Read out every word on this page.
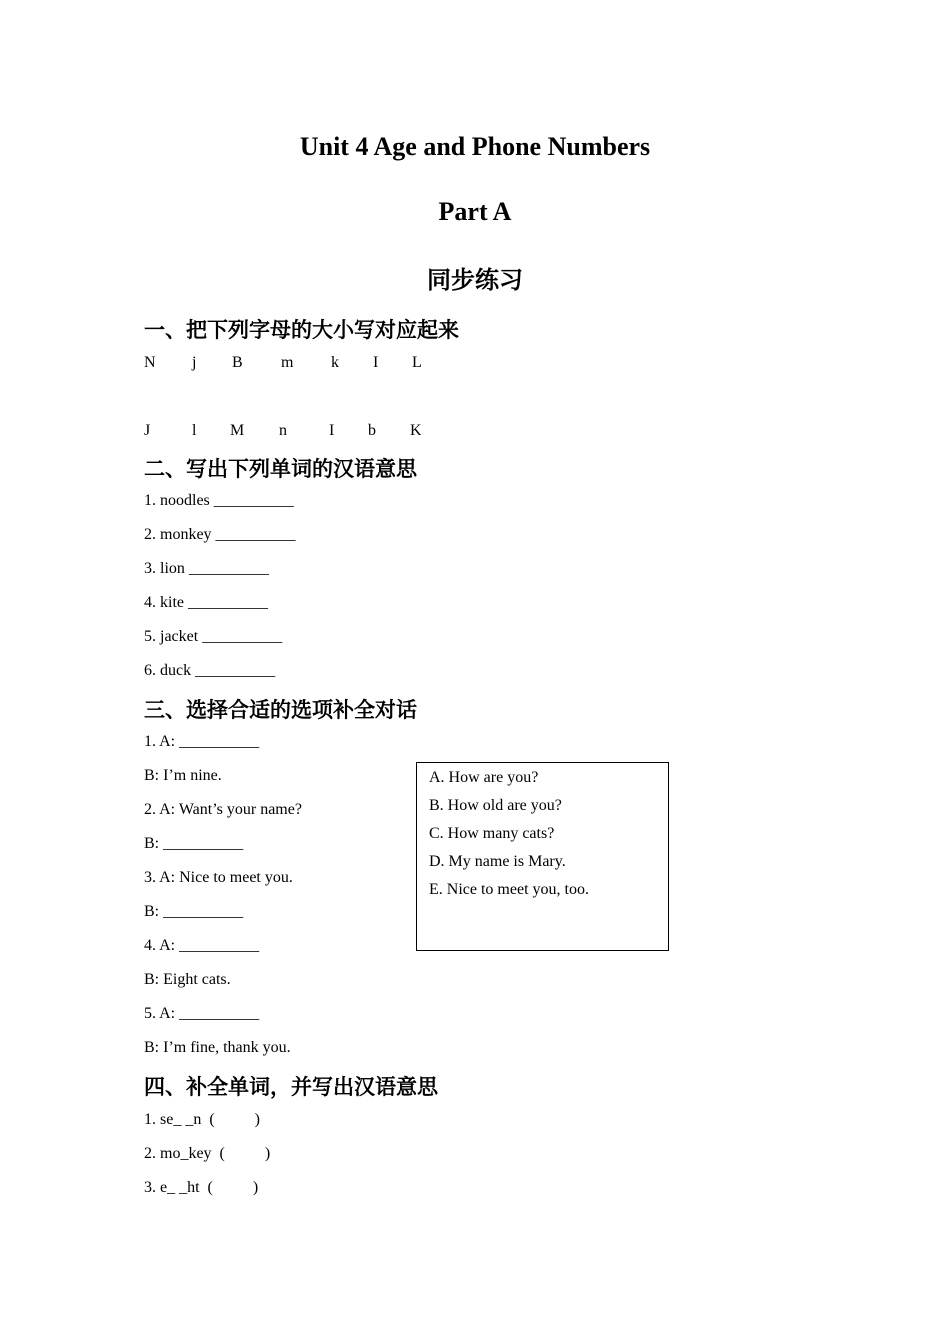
Unit 4 Age and Phone Numbers
Part A
同步练习
一、把下列字母的大小写对应起来
N j B m k I L
J	l M n	I b K
二、写出下列单词的汉语意思
1. noodles __________
2. monkey __________
3. lion __________
4. kite __________
5. jacket __________
6. duck __________
三、选择合适的选项补全对话
1. A: __________
B: I’m nine.
2. A: Want’s your name?
B: __________
3. A: Nice to meet you.
B: __________
4. A: __________
B: Eight cats.
5. A: __________
B: I’m fine, thank you.
A. How are you?
B. How old are you?
C. How many cats?
D. My name is Mary.
E. Nice to meet you, too.
四、补全单词，并写出汉语意思
1. se_ _n  (          )
2. mo_key  (          )
3. e_ _ht  (          )
